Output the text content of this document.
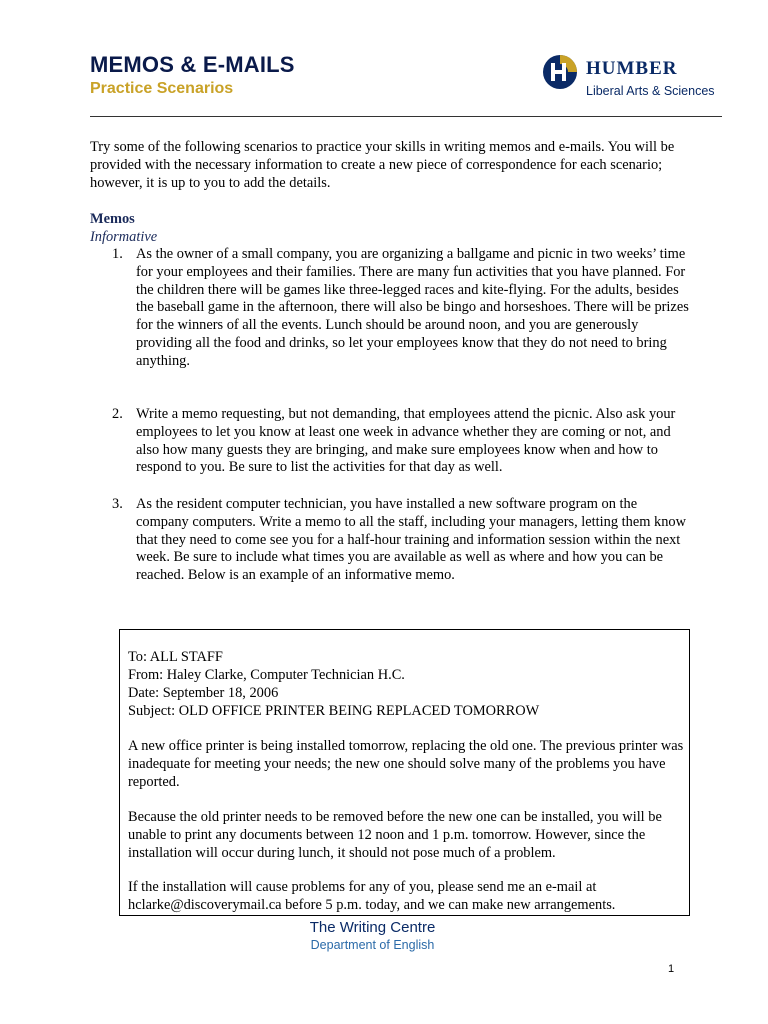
MEMOS & E-MAILS
Practice Scenarios
HUMBER
Liberal Arts & Sciences

Try some of the following scenarios to practice your skills in writing memos and e-mails. You will be provided with the necessary information to create a new piece of correspondence for each scenario; however, it is up to you to add the details.

Memos
Informative
1. As the owner of a small company, you are organizing a ballgame and picnic in two weeks’ time for your employees and their families. There are many fun activities that you have planned. For the children there will be games like three-legged races and kite-flying. For the adults, besides the baseball game in the afternoon, there will also be bingo and horseshoes. There will be prizes for the winners of all the events. Lunch should be around noon, and you are generously providing all the food and drinks, so let your employees know that they do not need to bring anything.

2. Write a memo requesting, but not demanding, that employees attend the picnic. Also ask your employees to let you know at least one week in advance whether they are coming or not, and also how many guests they are bringing, and make sure employees know when and how to respond to you. Be sure to list the activities for that day as well.

3. As the resident computer technician, you have installed a new software program on the company computers. Write a memo to all the staff, including your managers, letting them know that they need to come see you for a half-hour training and information session within the next week. Be sure to include what times you are available as well as where and how you can be reached. Below is an example of an informative memo.

To: ALL STAFF
From: Haley Clarke, Computer Technician H.C.
Date: September 18, 2006
Subject: OLD OFFICE PRINTER BEING REPLACED TOMORROW

A new office printer is being installed tomorrow, replacing the old one. The previous printer was inadequate for meeting your needs; the new one should solve many of the problems you have reported.

Because the old printer needs to be removed before the new one can be installed, you will be unable to print any documents between 12 noon and 1 p.m. tomorrow. However, since the installation will occur during lunch, it should not pose much of a problem.

If the installation will cause problems for any of you, please send me an e-mail at hclarke@discoverymail.ca before 5 p.m. today, and we can make new arrangements.

The Writing Centre
Department of English
1
